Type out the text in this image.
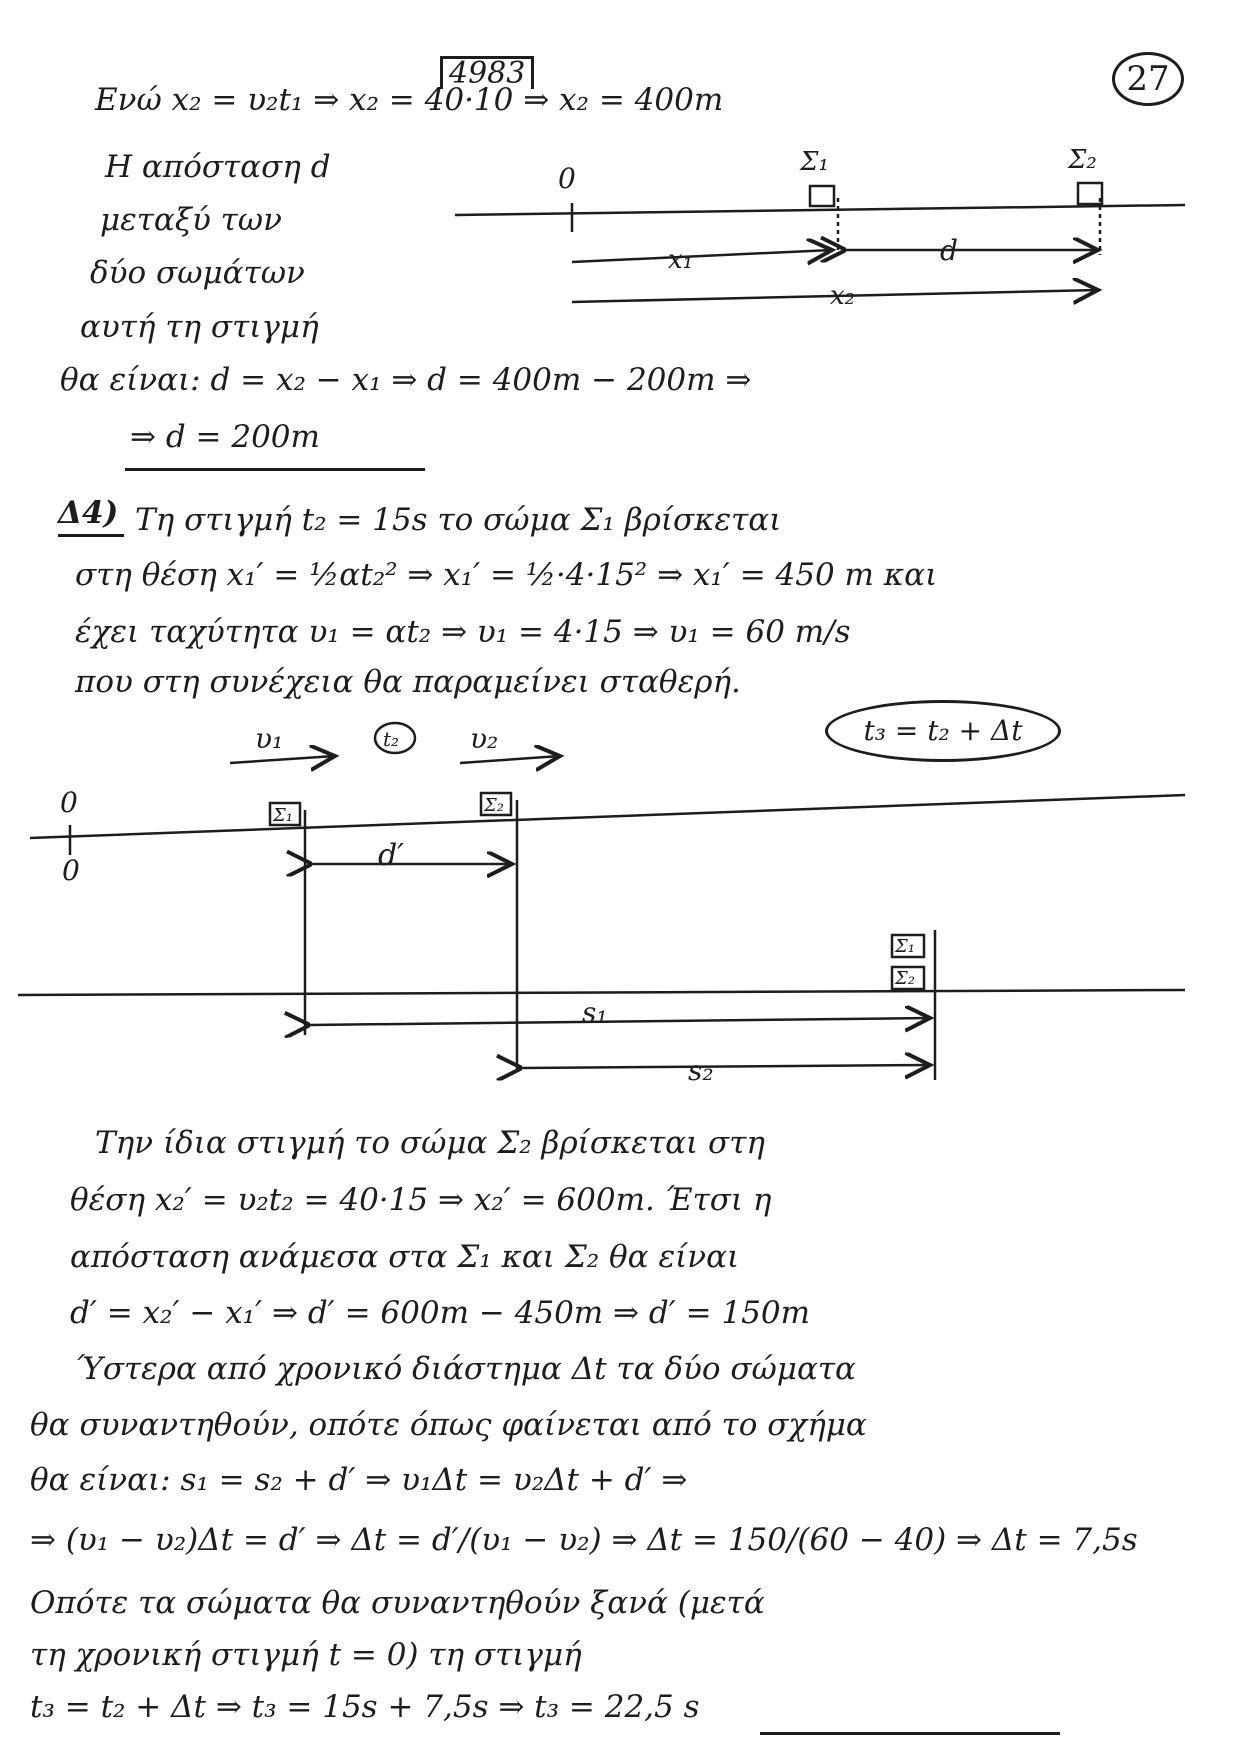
27
4983
Ενώ x₂ = υ₂t₁ ⇒ x₂ = 40·10 ⇒ x₂ = 400m
Η απόσταση d
μεταξύ των
δύο σωμάτων
αυτή τη στιγμή
θα είναι: d = x₂ − x₁ ⇒ d = 400m − 200m ⇒
⇒ d = 200m
Δ4) Τη στιγμή t₂ = 15s το σώμα Σ₁ βρίσκεται
στη θέση x₁′ = ½αt₂² ⇒ x₁′ = ½·4·15² ⇒ x₁′ = 450 m και
έχει ταχύτητα υ₁ = αt₂ ⇒ υ₁ = 4·15 ⇒ υ₁ = 60 m/s
που στη συνέχεια θα παραμείνει σταθερή.
t₃ = t₂ + Δt
0	Σ₁	Σ₂
x₁	d
x₂
υ₁	υ₂
t₂
0
0
Σ₁	Σ₂
d′
Σ₁
Σ₂
s₁
s₂
Την ίδια στιγμή το σώμα Σ₂ βρίσκεται στη
θέση x₂′ = υ₂t₂ = 40·15 ⇒ x₂′ = 600m. Έτσι η
απόσταση ανάμεσα στα Σ₁ και Σ₂ θα είναι
d′ = x₂′ − x₁′ ⇒ d′ = 600m − 450m ⇒ d′ = 150m
Ύστερα από χρονικό διάστημα Δt τα δύο σώματα
θα συναντηθούν, οπότε όπως φαίνεται από το σχήμα
θα είναι: s₁ = s₂ + d′ ⇒ υ₁Δt = υ₂Δt + d′ ⇒
⇒ (υ₁ − υ₂)Δt = d′ ⇒ Δt = d′/(υ₁ − υ₂) ⇒ Δt = 150/(60 − 40) ⇒ Δt = 7,5s
Οπότε τα σώματα θα συναντηθούν ξανά (μετά
τη χρονική στιγμή t = 0) τη στιγμή
t₃ = t₂ + Δt ⇒ t₃ = 15s + 7,5s ⇒ t₃ = 22,5 s
